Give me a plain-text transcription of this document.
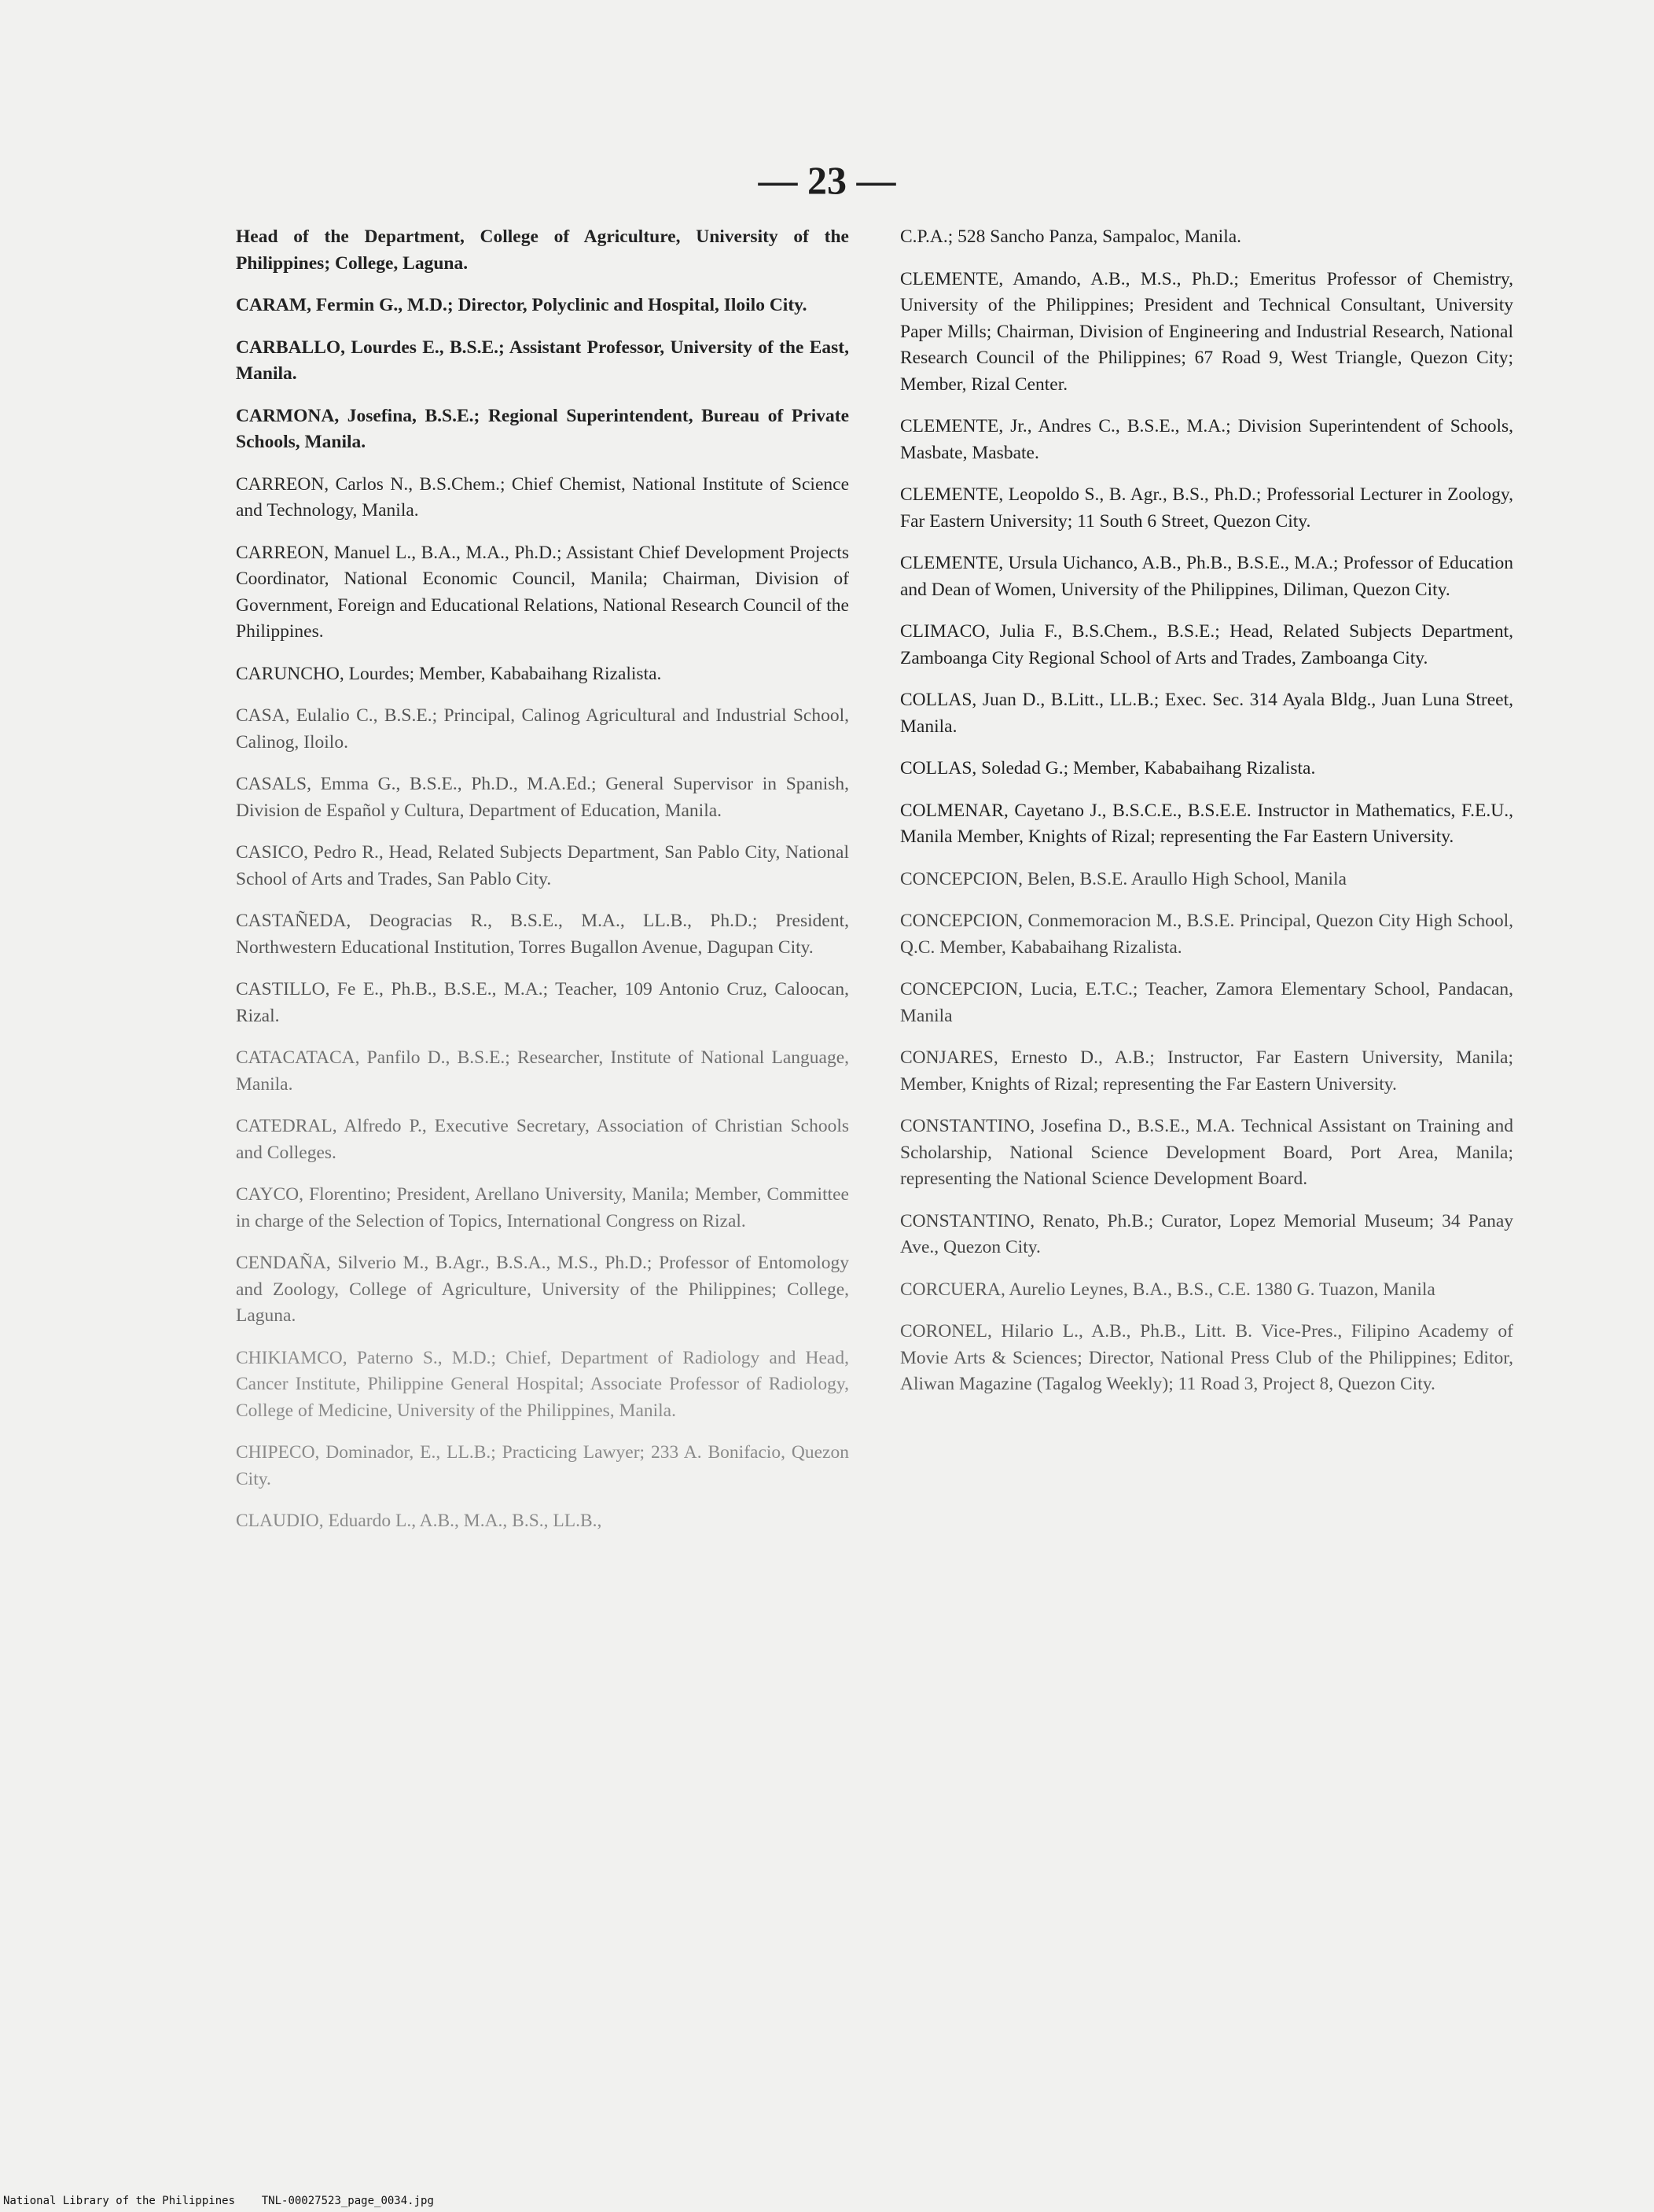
— 23 —

Head of the Department, College of Agriculture, University of the Philippines; College, Laguna.

CARAM, Fermin G., M.D.; Director, Polyclinic and Hospital, Iloilo City.

CARBALLO, Lourdes E., B.S.E.; Assistant Professor, University of the East, Manila.

CARMONA, Josefina, B.S.E.; Regional Superintendent, Bureau of Private Schools, Manila.

CARREON, Carlos N., B.S.Chem.; Chief Chemist, National Institute of Science and Technology, Manila.

CARREON, Manuel L., B.A., M.A., Ph.D.; Assistant Chief Development Projects Coordinator, National Economic Council, Manila; Chairman, Division of Government, Foreign and Educational Relations, National Research Council of the Philippines.

CARUNCHO, Lourdes; Member, Kababaihang Rizalista.

CASA, Eulalio C., B.S.E.; Principal, Calinog Agricultural and Industrial School, Calinog, Iloilo.

CASALS, Emma G., B.S.E., Ph.D., M.A.Ed.; General Supervisor in Spanish, Division de Español y Cultura, Department of Education, Manila.

CASICO, Pedro R., Head, Related Subjects Department, San Pablo City, National School of Arts and Trades, San Pablo City.

CASTAÑEDA, Deogracias R., B.S.E., M.A., LL.B., Ph.D.; President, Northwestern Educational Institution, Torres Bugallon Avenue, Dagupan City.

CASTILLO, Fe E., Ph.B., B.S.E., M.A.; Teacher, 109 Antonio Cruz, Caloocan, Rizal.

CATACATACA, Panfilo D., B.S.E.; Researcher, Institute of National Language, Manila.

CATEDRAL, Alfredo P., Executive Secretary, Association of Christian Schools and Colleges.

CAYCO, Florentino; President, Arellano University, Manila; Member, Committee in charge of the Selection of Topics, International Congress on Rizal.

CENDAÑA, Silverio M., B.Agr., B.S.A., M.S., Ph.D.; Professor of Entomology and Zoology, College of Agriculture, University of the Philippines; College, Laguna.

CHIKIAMCO, Paterno S., M.D.; Chief, Department of Radiology and Head, Cancer Institute, Philippine General Hospital; Associate Professor of Radiology, College of Medicine, University of the Philippines, Manila.

CHIPECO, Dominador, E., LL.B.; Practicing Lawyer; 233 A. Bonifacio, Quezon City.

CLAUDIO, Eduardo L., A.B., M.A., B.S., LL.B.,

C.P.A.; 528 Sancho Panza, Sampaloc, Manila.

CLEMENTE, Amando, A.B., M.S., Ph.D.; Emeritus Professor of Chemistry, University of the Philippines; President and Technical Consultant, University Paper Mills; Chairman, Division of Engineering and Industrial Research, National Research Council of the Philippines; 67 Road 9, West Triangle, Quezon City; Member, Rizal Center.

CLEMENTE, Jr., Andres C., B.S.E., M.A.; Division Superintendent of Schools, Masbate, Masbate.

CLEMENTE, Leopoldo S., B. Agr., B.S., Ph.D.; Professorial Lecturer in Zoology, Far Eastern University; 11 South 6 Street, Quezon City.

CLEMENTE, Ursula Uichanco, A.B., Ph.B., B.S.E., M.A.; Professor of Education and Dean of Women, University of the Philippines, Diliman, Quezon City.

CLIMACO, Julia F., B.S.Chem., B.S.E.; Head, Related Subjects Department, Zamboanga City Regional School of Arts and Trades, Zamboanga City.

COLLAS, Juan D., B.Litt., LL.B.; Exec. Sec. 314 Ayala Bldg., Juan Luna Street, Manila.

COLLAS, Soledad G.; Member, Kababaihang Rizalista.

COLMENAR, Cayetano J., B.S.C.E., B.S.E.E. Instructor in Mathematics, F.E.U., Manila Member, Knights of Rizal; representing the Far Eastern University.

CONCEPCION, Belen, B.S.E. Araullo High School, Manila

CONCEPCION, Conmemoracion M., B.S.E. Principal, Quezon City High School, Q.C. Member, Kababaihang Rizalista.

CONCEPCION, Lucia, E.T.C.; Teacher, Zamora Elementary School, Pandacan, Manila

CONJARES, Ernesto D., A.B.; Instructor, Far Eastern University, Manila; Member, Knights of Rizal; representing the Far Eastern University.

CONSTANTINO, Josefina D., B.S.E., M.A. Technical Assistant on Training and Scholarship, National Science Development Board, Port Area, Manila; representing the National Science Development Board.

CONSTANTINO, Renato, Ph.B.; Curator, Lopez Memorial Museum; 34 Panay Ave., Quezon City.

CORCUERA, Aurelio Leynes, B.A., B.S., C.E. 1380 G. Tuazon, Manila

CORONEL, Hilario L., A.B., Ph.B., Litt. B. Vice-Pres., Filipino Academy of Movie Arts & Sciences; Director, National Press Club of the Philippines; Editor, Aliwan Magazine (Tagalog Weekly); 11 Road 3, Project 8, Quezon City.

National Library of the Philippines TNL-00027523_page_0034.jpg
